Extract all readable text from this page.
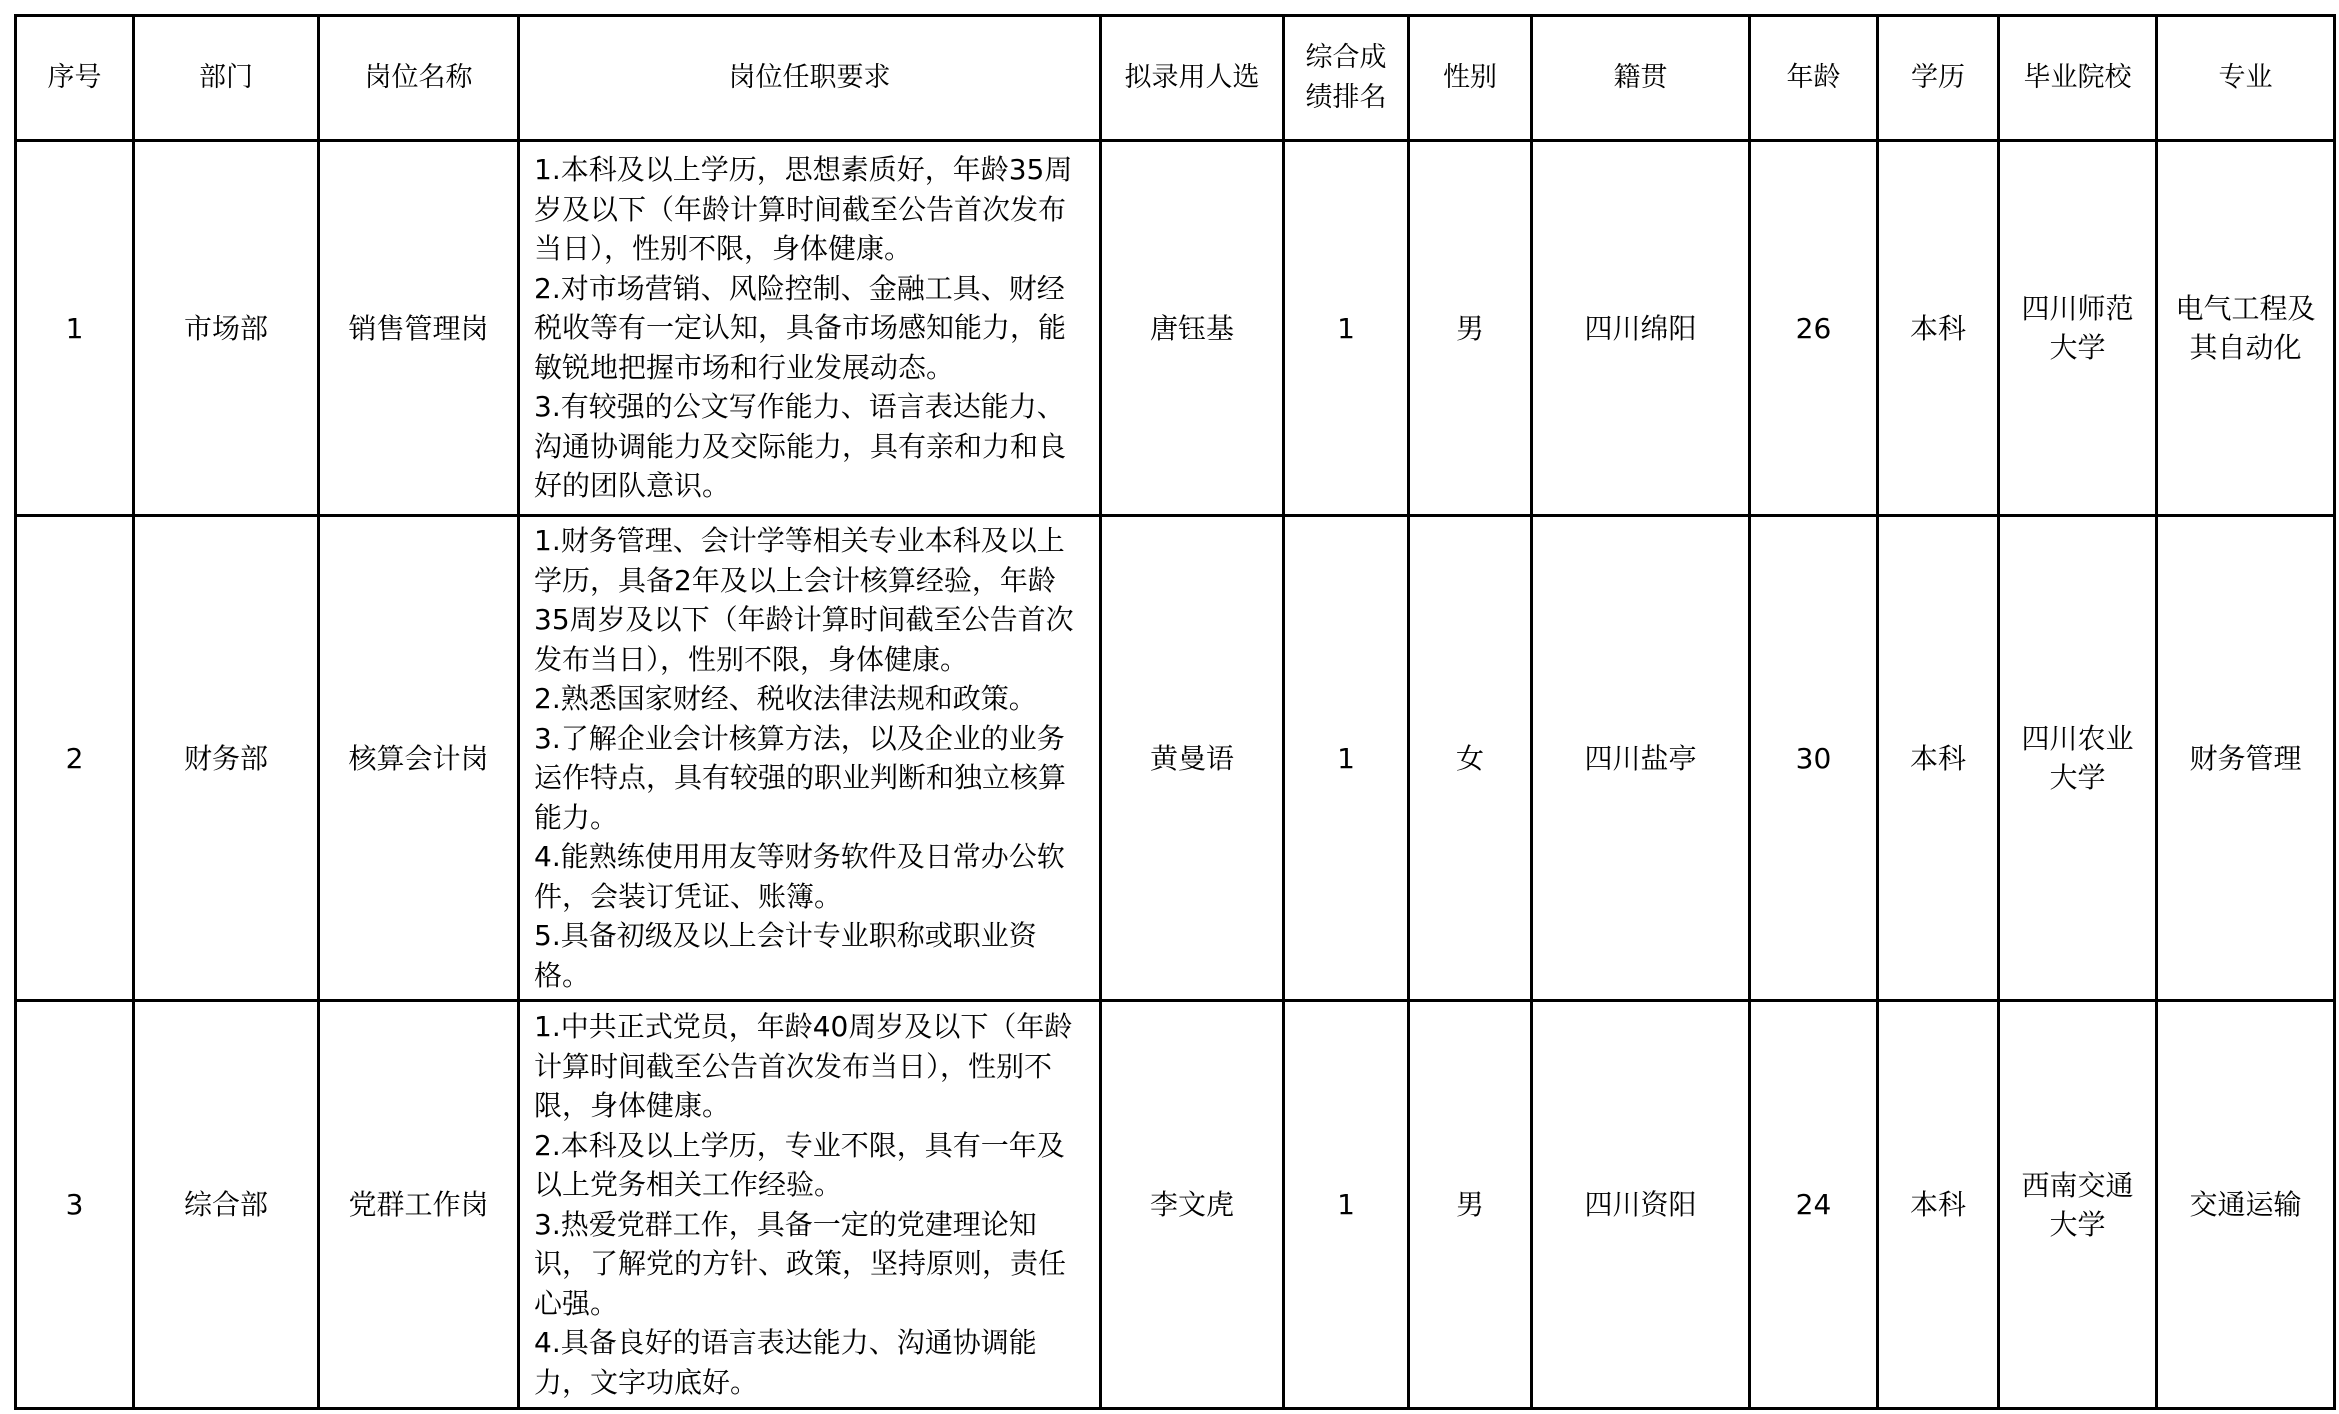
序号	部门	岗位名称	岗位任职要求	拟录用人选	综合成绩排名	性别	籍贯	年龄	学历	毕业院校	专业
1	市场部	销售管理岗	1.本科及以上学历，思想素质好，年龄35周岁及以下（年龄计算时间截至公告首次发布当日），性别不限，身体健康。
2.对市场营销、风险控制、金融工具、财经税收等有一定认知，具备市场感知能力，能敏锐地把握市场和行业发展动态。
3.有较强的公文写作能力、语言表达能力、沟通协调能力及交际能力，具有亲和力和良好的团队意识。	唐钰基	1	男	四川绵阳	26	本科	四川师范大学	电气工程及其自动化
2	财务部	核算会计岗	1.财务管理、会计学等相关专业本科及以上学历，具备2年及以上会计核算经验，年龄35周岁及以下（年龄计算时间截至公告首次发布当日），性别不限，身体健康。
2.熟悉国家财经、税收法律法规和政策。
3.了解企业会计核算方法，以及企业的业务运作特点，具有较强的职业判断和独立核算能力。
4.能熟练使用用友等财务软件及日常办公软件，会装订凭证、账簿。
5.具备初级及以上会计专业职称或职业资格。	黄曼语	1	女	四川盐亭	30	本科	四川农业大学	财务管理
3	综合部	党群工作岗	1.中共正式党员，年龄40周岁及以下（年龄计算时间截至公告首次发布当日），性别不限，身体健康。
2.本科及以上学历，专业不限，具有一年及以上党务相关工作经验。
3.热爱党群工作，具备一定的党建理论知识，了解党的方针、政策，坚持原则，责任心强。
4.具备良好的语言表达能力、沟通协调能力，文字功底好。	李文虎	1	男	四川资阳	24	本科	西南交通大学	交通运输
